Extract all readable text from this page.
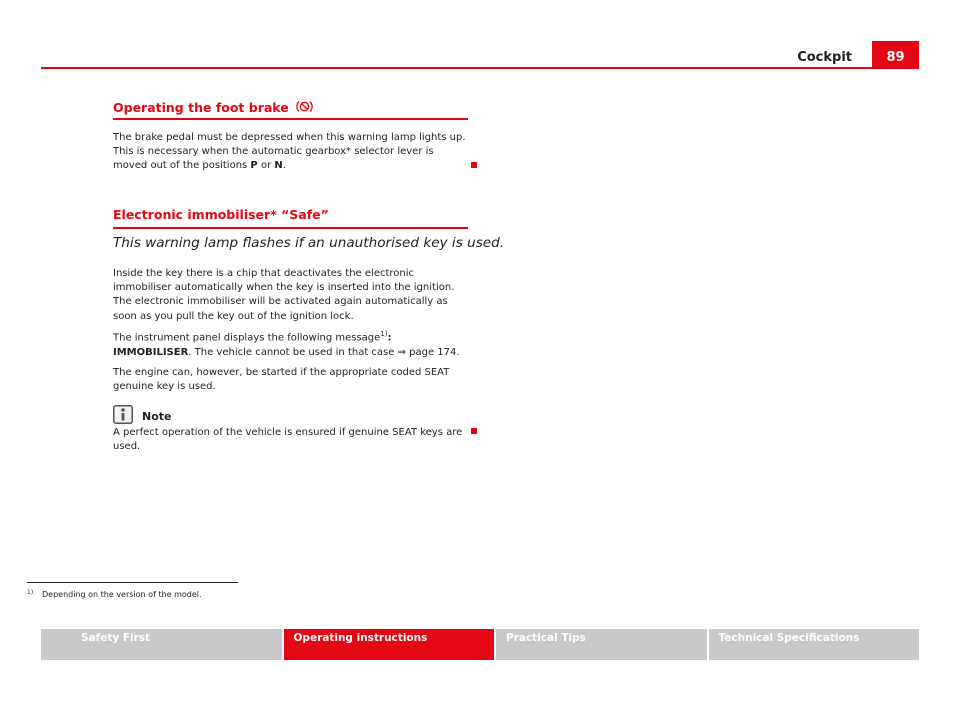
Cockpit	89
Operating the foot brake
The brake pedal must be depressed when this warning lamp lights up. This is necessary when the automatic gearbox* selector lever is moved out of the positions P or N.
Electronic immobiliser* “Safe”
This warning lamp flashes if an unauthorised key is used.
Inside the key there is a chip that deactivates the electronic immobiliser automatically when the key is inserted into the ignition. The electronic immobiliser will be activated again automatically as soon as you pull the key out of the ignition lock.
The instrument panel displays the following message$^{1)}$: IMMOBILISER. The vehicle cannot be used in that case ⇒ page 174.
The engine can, however, be started if the appropriate coded SEAT genuine key is used.
Note
A perfect operation of the vehicle is ensured if genuine SEAT keys are used.
1) Depending on the version of the model.
Safety First	Operating instructions	Practical Tips	Technical Specifications
